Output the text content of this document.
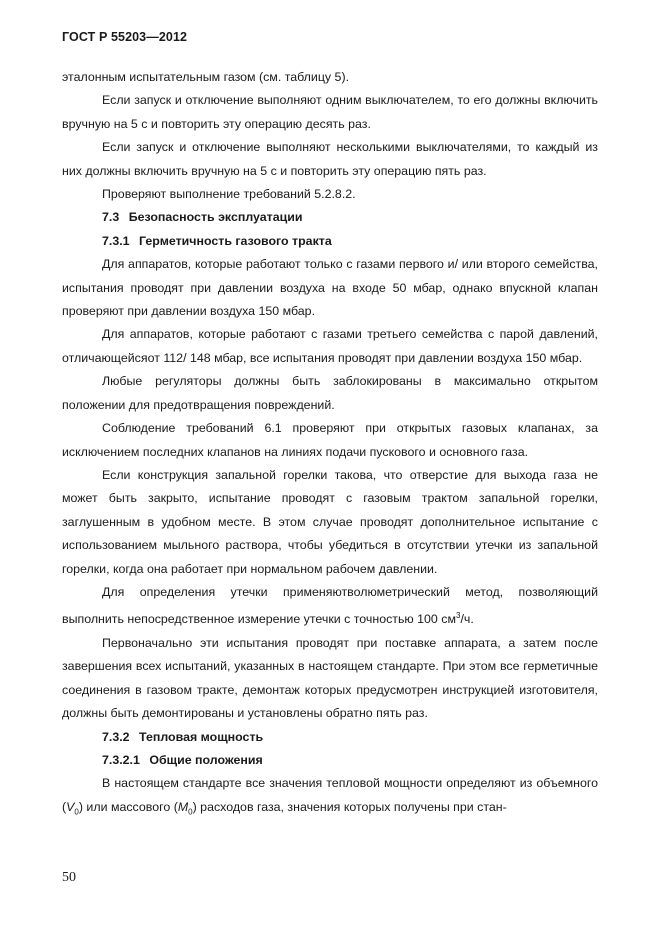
ГОСТ Р 55203—2012

эталонным испытательным газом (см. таблицу 5).

Если запуск и отключение выполняют одним выключателем, то его должны включить вручную на 5 с и повторить эту операцию десять раз.

Если запуск и отключение выполняют несколькими выключателями, то каждый из них должны включить вручную на 5 с и повторить эту операцию пять раз.

Проверяют выполнение требований 5.2.8.2.

7.3 Безопасность эксплуатации

7.3.1 Герметичность газового тракта

Для аппаратов, которые работают только с газами первого и/ или второго семейства, испытания проводят при давлении воздуха на входе 50 мбар, однако впускной клапан проверяют при давлении воздуха 150 мбар.

Для аппаратов, которые работают с газами третьего семейства с парой давлений, отличающейсяот 112/ 148 мбар, все испытания проводят при давлении воздуха 150 мбар.

Любые регуляторы должны быть заблокированы в максимально открытом положении для предотвращения повреждений.

Соблюдение требований 6.1 проверяют при открытых газовых клапанах, за исключением последних клапанов на линиях подачи пускового и основного газа.

Если конструкция запальной горелки такова, что отверстие для выхода газа не может быть закрыто, испытание проводят с газовым трактом запальной горелки, заглушенным в удобном месте. В этом случае проводят дополнительное испытание с использованием мыльного раствора, чтобы убедиться в отсутствии утечки из запальной горелки, когда она работает при нормальном рабочем давлении.

Для определения утечки применяютволюметрический метод, позволяющий выполнить непосредственное измерение утечки с точностью 100 $см^3/ч$.

Первоначально эти испытания проводят при поставке аппарата, а затем после завершения всех испытаний, указанных в настоящем стандарте. При этом все герметичные соединения в газовом тракте, демонтаж которых предусмотрен инструкцией изготовителя, должны быть демонтированы и установлены обратно пять раз.

7.3.2 Тепловая мощность

7.3.2.1 Общие положения

В настоящем стандарте все значения тепловой мощности определяют из объемного $(V_0)$ или массового $(M_0)$ расходов газа, значения которых получены при стан-

50
